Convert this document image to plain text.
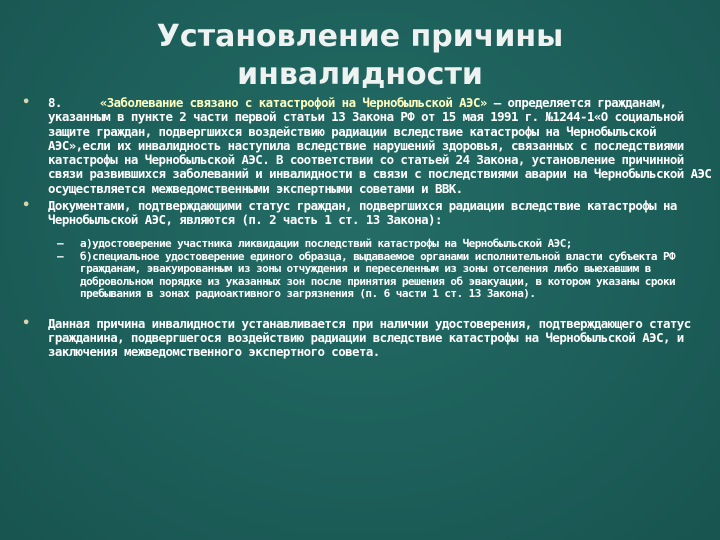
Установление причины
инвалидности

• 8.	«Заболевание связано с катастрофой на Чернобыльской АЭС» — определяется гражданам, указанным в пункте 2 части первой статьи 13 Закона РФ от 15 мая 1991 г. №1244-1«О социальной защите граждан, подвергшихся воздействию радиации вследствие катастрофы на Чернобыльской АЭС»,если их инвалидность наступила вследствие нарушений здоровья, связанных с последствиями катастрофы на Чернобыльской АЭС. В соответствии со статьей 24 Закона, установление причинной связи развившихся заболеваний и инвалидности в связи с последствиями аварии на Чернобыльской АЭС осуществляется межведомственными экспертными советами и ВВК.

• Документами, подтверждающими статус граждан, подвергшихся радиации вследствие катастрофы на Чернобыльской АЭС, являются (п. 2 часть 1 ст. 13 Закона):

– а)удостоверение участника ликвидации последствий катастрофы на Чернобыльской АЭС;

– б)специальное удостоверение единого образца, выдаваемое органами исполнительной власти субъекта РФ гражданам, эвакуированным из зоны отчуждения и переселенным из зоны отселения либо выехавшим в добровольном порядке из указанных зон после принятия решения об эвакуации, в котором указаны сроки пребывания в зонах радиоактивного загрязнения (п. 6 части 1 ст. 13 Закона).

• Данная причина инвалидности устанавливается при наличии удостоверения, подтверждающего статус гражданина, подвергшегося воздействию радиации вследствие катастрофы на Чернобыльской АЭС, и заключения межведомственного экспертного совета.
